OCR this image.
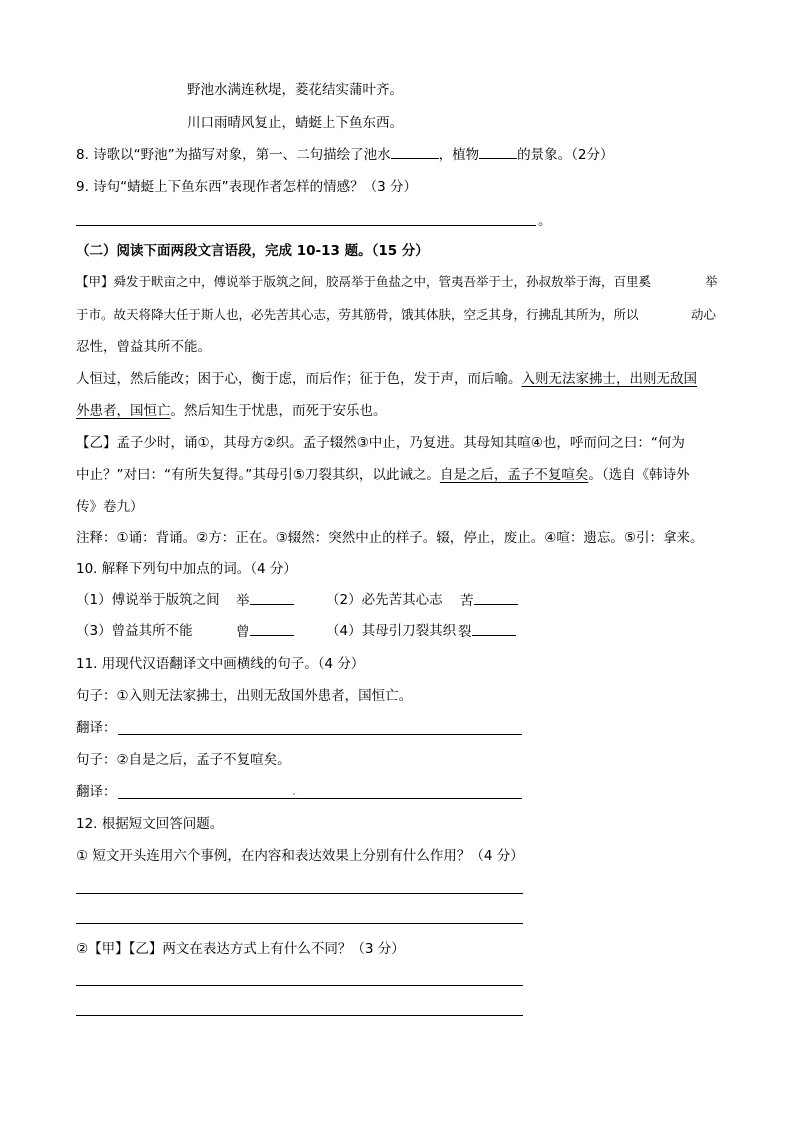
野池水满连秋堤，菱花结实蒲叶齐。
川口雨晴风复止，蜻蜓上下鱼东西。
8. 诗歌以“野池”为描写对象，第一、二句描绘了池水	，植物	的景象。（2分）
9. 诗句“蜻蜓上下鱼东西”表现作者怎样的情感？（3 分）
。
（二）阅读下面两段文言语段，完成 10-13 题。（15 分）
【甲】舜发于畎亩之中，傅说举于版筑之间，胶鬲举于鱼盐之中，管夷吾举于士，孙叔敖举于海，百里奚	举
于市。故天将降大任于斯人也，必先苦其心志，劳其筋骨，饿其体肤，空乏其身，行拂乱其所为，所以	动心
忍性，曾益其所不能。
人恒过，然后能改；困于心，衡于虑，而后作；征于色，发于声，而后喻。入则无法家拂士，出则无敌国
外患者，国恒亡。然后知生于忧患，而死于安乐也。
【乙】孟子少时，诵①，其母方②织。孟子辍然③中止，乃复进。其母知其喧④也，呼而问之曰：“何为
中止？”对曰：“有所失复得。”其母引⑤刀裂其织，以此诫之。自是之后，孟子不复喧矣。（选自《韩诗外
传》卷九）
注释：①诵：背诵。②方：正在。③辍然：突然中止的样子。辍，停止，废止。④喧：遗忘。⑤引：拿来。
10. 解释下列句中加点的词。（4 分）
（1）傅说举于版筑之间 举	（2）必先苦其心志 苦
（3）曾益其所不能	曾	（4）其母引刀裂其织 裂
11. 用现代汉语翻译文中画横线的句子。（4 分）
句子：①入则无法家拂士，出则无敌国外患者，国恒亡。
翻译：
句子：②自是之后，孟子不复喧矣。
翻译：
12. 根据短文回答问题。
① 短文开头连用六个事例，在内容和表达效果上分别有什么作用？（4 分）
②【甲】【乙】两文在表达方式上有什么不同？（3 分）
